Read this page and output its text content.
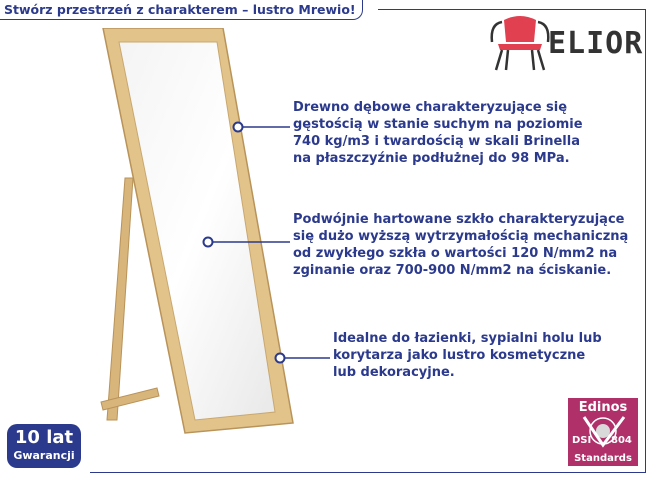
Stwórz przestrzeń z charakterem – lustro Mrewio!
ELIOR
Drewno dębowe charakteryzujące się
gęstością w stanie suchym na poziomie
740 kg/m3 i twardością w skali Brinella
na płaszczyźnie podłużnej do 98 MPa.
Podwójnie hartowane szkło charakteryzujące
się dużo wyższą wytrzymałością mechaniczną
od zwykłego szkła o wartości 120 N/mm2 na
zginanie oraz 700-900 N/mm2 na ściskanie.
Idealne do łazienki, sypialni holu lub
korytarza jako lustro kosmetyczne
lub dekoracyjne.
10 lat
Gwarancji
Edinos
DSI 804
Standards
